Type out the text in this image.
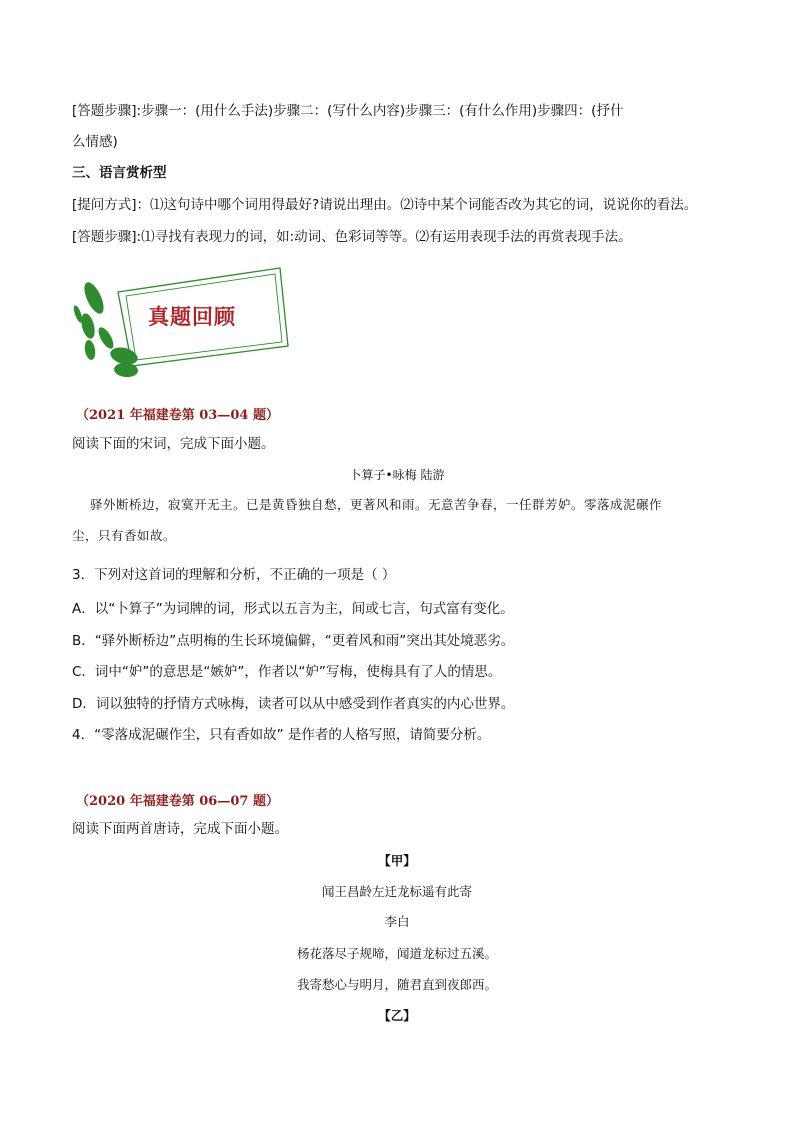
[答题步骤]:步骤一：(用什么手法)步骤二：(写什么内容)步骤三：(有什么作用)步骤四：(抒什
么情感)
三、语言赏析型
[提问方式]：⑴这句诗中哪个词用得最好?请说出理由。⑵诗中某个词能否改为其它的词，说说你的看法。
[答题步骤]:⑴寻找有表现力的词，如:动词、色彩词等等。⑵有运用表现手法的再赏表现手法。
真题回顾
（2021 年福建卷第 03—04 题）
阅读下面的宋词，完成下面小题。
卜算子•咏梅 陆游
驿外断桥边，寂寞开无主。已是黄昏独自愁，更著风和雨。无意苦争春，一任群芳妒。零落成泥碾作
尘，只有香如故。
3．下列对这首词的理解和分析，不正确的一项是（ ）
A．以“卜算子”为词牌的词，形式以五言为主，间或七言，句式富有变化。
B．“驿外断桥边”点明梅的生长环境偏僻，“更着风和雨”突出其处境恶劣。
C．词中“妒”的意思是“嫉妒”，作者以“妒”写梅，使梅具有了人的情思。
D．词以独特的抒情方式咏梅，读者可以从中感受到作者真实的内心世界。
4．“零落成泥碾作尘，只有香如故” 是作者的人格写照，请简要分析。
（2020 年福建卷第 06—07 题）
阅读下面两首唐诗，完成下面小题。
【甲】
闻王昌龄左迁龙标遥有此寄
李白
杨花落尽子规啼，闻道龙标过五溪。
我寄愁心与明月，随君直到夜郎西。
【乙】
